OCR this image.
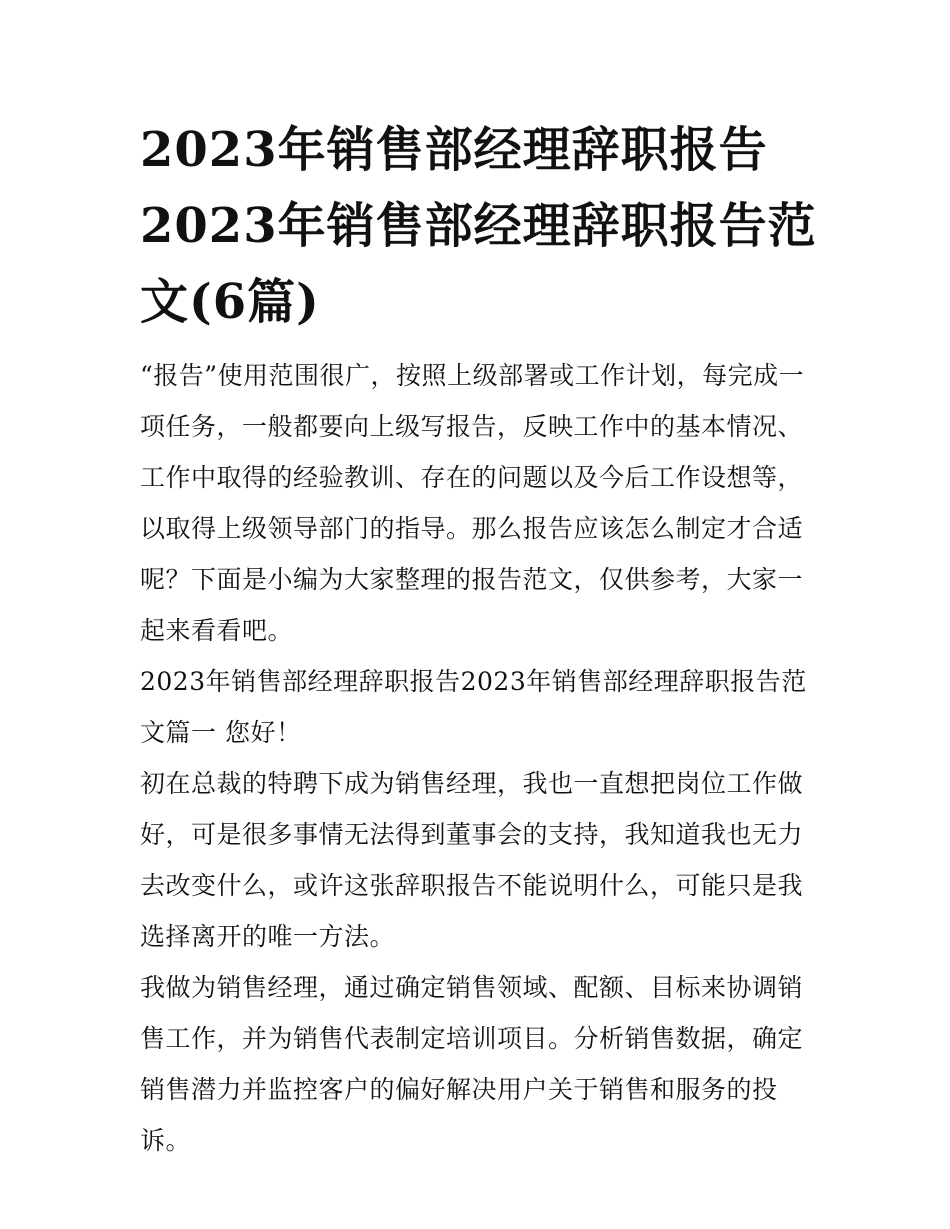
2023年销售部经理辞职报告
2023年销售部经理辞职报告范
文(6篇)

“报告”使用范围很广，按照上级部署或工作计划，每完成一项任务，一般都要向上级写报告，反映工作中的基本情况、工作中取得的经验教训、存在的问题以及今后工作设想等，以取得上级领导部门的指导。那么报告应该怎么制定才合适呢？下面是小编为大家整理的报告范文，仅供参考，大家一起来看看吧。

2023年销售部经理辞职报告2023年销售部经理辞职报告范文篇一 您好！

初在总裁的特聘下成为销售经理，我也一直想把岗位工作做好，可是很多事情无法得到董事会的支持，我知道我也无力去改变什么，或许这张辞职报告不能说明什么，可能只是我选择离开的唯一方法。

我做为销售经理，通过确定销售领域、配额、目标来协调销售工作，并为销售代表制定培训项目。分析销售数据，确定销售潜力并监控客户的偏好解决用户关于销售和服务的投诉。
